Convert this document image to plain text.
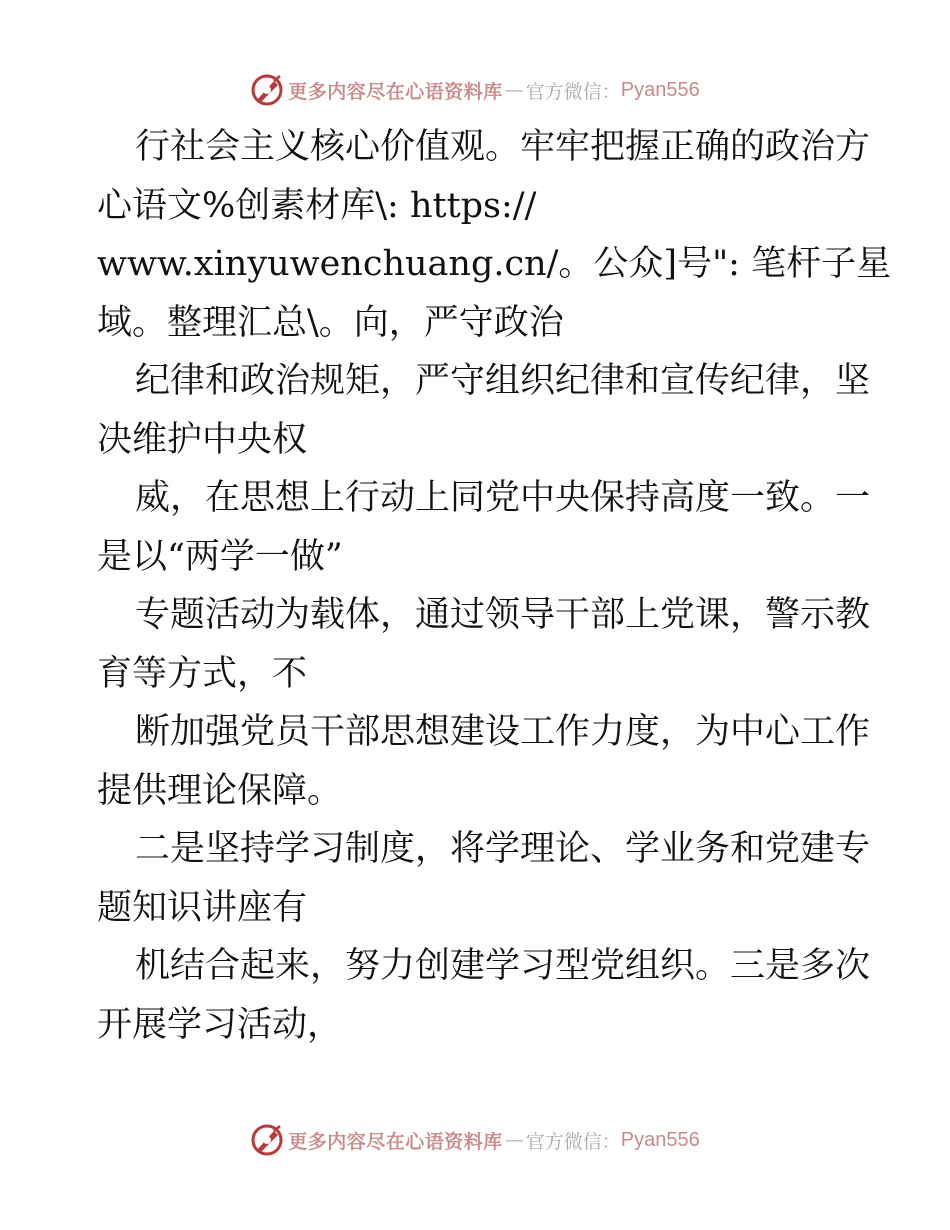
更多内容尽在心语资料库 — 官方微信： Pyan556

行社会主义核心价值观。牢牢把握正确的政治方
心语文%创素材库\: https://
www.xinyuwenchuang.cn/。公众]号": 笔杆子星
域。整理汇总\。向，严守政治

纪律和政治规矩，严守组织纪律和宣传纪律，坚
决维护中央权

威，在思想上行动上同党中央保持高度一致。一
是以“两学一做”

专题活动为载体，通过领导干部上党课，警示教
育等方式，不

断加强党员干部思想建设工作力度，为中心工作
提供理论保障。

二是坚持学习制度，将学理论、学业务和党建专
题知识讲座有

机结合起来，努力创建学习型党组织。三是多次
开展学习活动，

更多内容尽在心语资料库 — 官方微信： Pyan556
